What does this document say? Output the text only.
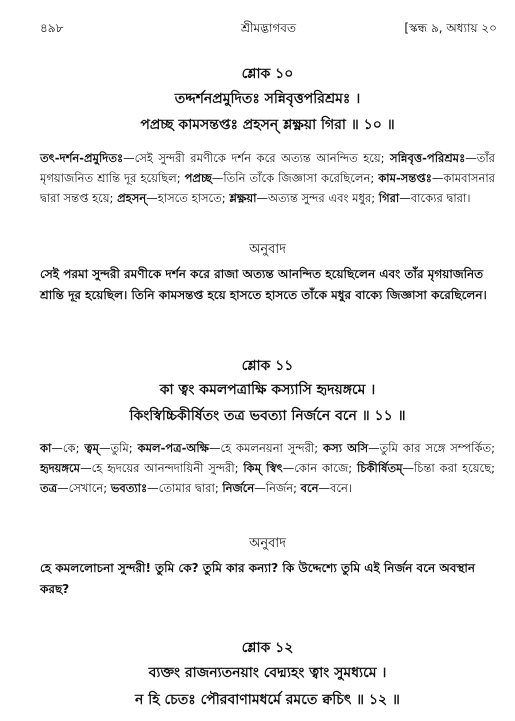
৪৯৮	শ্রীমদ্ভাগবত	[স্কন্ধ ৯, অধ্যায় ২০
শ্লোক ১০
তদ্দর্শনপ্রমুদিতঃ সন্নিবৃত্তপরিশ্রমঃ ।
পপ্রচ্ছ কামসন্তপ্তঃ প্রহসন্ শ্লক্ষ্ণয়া গিরা ॥ ১০ ॥
তৎ-দর্শন-প্রমুদিতঃ—সেই সুন্দরী রমণীকে দর্শন করে অত্যন্ত আনন্দিত হয়ে; সন্নিবৃত্ত-পরিশ্রমঃ—তাঁর মৃগয়াজনিত শ্রান্তি দূর হয়েছিল; পপ্রচ্ছ—তিনি তাঁকে জিজ্ঞাসা করেছিলেন; কাম-সন্তপ্তঃ—কামবাসনার দ্বারা সন্তপ্ত হয়ে; প্রহসন্—হাসতে হাসতে; শ্লক্ষ্ণয়া—অত্যন্ত সুন্দর এবং মধুর; গিরা—বাক্যের দ্বারা।
অনুবাদ
সেই পরমা সুন্দরী রমণীকে দর্শন করে রাজা অত্যন্ত আনন্দিত হয়েছিলেন এবং তাঁর মৃগয়াজনিত শ্রান্তি দূর হয়েছিল। তিনি কামসন্তপ্ত হয়ে হাসতে হাসতে তাঁকে মধুর বাক্যে জিজ্ঞাসা করেছিলেন।
শ্লোক ১১
কা ত্বং কমলপত্রাক্ষি কস্যাসি হৃদয়ঙ্গমে ।
কিংস্বিচ্চিকীর্ষিতং তত্র ভবত্যা নির্জনে বনে ॥ ১১ ॥
কা—কে; ত্বম্—তুমি; কমল-পত্র-অক্ষি—হে কমলনয়না সুন্দরী; কস্য অসি—তুমি কার সঙ্গে সম্পর্কিত; হৃদয়ঙ্গমে—হে হৃদয়ের আনন্দদায়িনী সুন্দরী; কিম্ স্বিৎ—কোন কাজে; চিকীর্ষিতম্—চিন্তা করা হয়েছে; তত্র—সেখানে; ভবত্যাঃ—তোমার দ্বারা; নির্জনে—নির্জন; বনে—বনে।
অনুবাদ
হে কমললোচনা সুন্দরী! তুমি কে? তুমি কার কন্যা? কি উদ্দেশ্যে তুমি এই নির্জন বনে অবস্থান করছ?
শ্লোক ১২
ব্যক্তং রাজন্যতনয়াং বেদ্ম্যহং ত্বাং সুমধ্যমে ।
ন হি চেতঃ পৌরবাণামধর্মে রমতে ক্বচিৎ ॥ ১২ ॥
